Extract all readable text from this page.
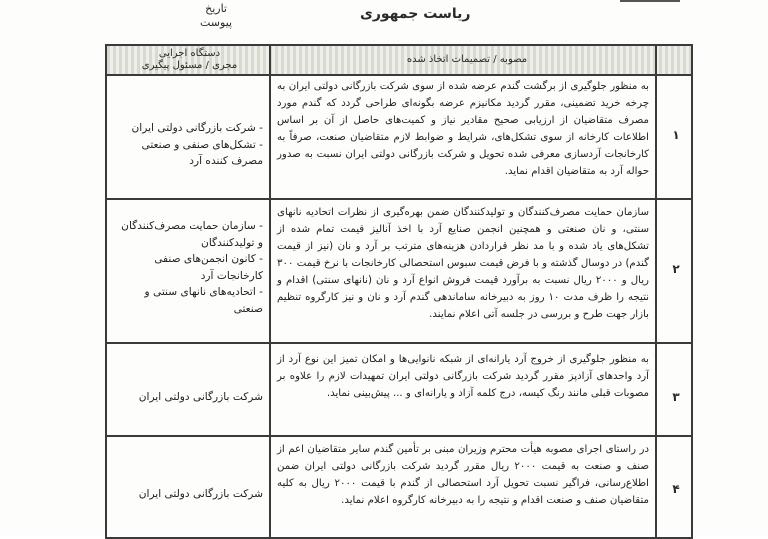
تاریخ
پیوست
ریاست جمهوری
دستگاه اجرایی
مجری / مسئول پیگیری
مصوبه / تصمیمات اتخاذ شده
به منظور جلوگیری از برگشت گندم عرضه شده از سوی شرکت بازرگانی دولتی ایران به چرخه خرید تضمینی، مقرر گردید مکانیزم عرضه بگونه‌ای طراحی گردد که گندم مورد مصرف متقاضیان از ارزیابی صحیح مقادیر نیاز و کمیت‌های حاصل از آن بر اساس اطلاعات کارخانه از سوی تشکل‌های، شرایط و ضوابط لازم متقاضیان صنعت، صرفاً به کارخانجات آرد‌سازی معرفی شده تحویل و شرکت بازرگانی دولتی ایران نسبت به صدور حواله آرد به متقاضیان اقدام نماید.
- شرکت بازرگانی دولتی ایران
- تشکل‌های صنفی و صنعتی مصرف کننده آرد
۱
سازمان حمایت مصرف‌کنندگان و تولیدکنندگان ضمن بهره‌گیری از نظرات اتحادیه نانهای سنتی، و نان صنعتی و همچنین انجمن صنایع آرد با اخذ آنالیز قیمت تمام شده از تشکل‌های یاد شده و با مد نظر قراردادن هزینه‌های مترتب بر آرد و نان (نیز از قیمت گندم) در دوسال گذشته و با فرض قیمت سبوس استحصالی کارخانجات با نرخ قیمت ۳۰۰ ریال و ۲۰۰۰ ریال نسبت به برآورد قیمت فروش انواع آرد و نان (نانهای سنتی) اقدام و نتیجه را ظرف مدت ۱۰ روز به دبیرخانه ساماندهی گندم آرد و نان و نیز کارگروه تنظیم بازار جهت طرح و بررسی در جلسه آتی اعلام نمایند.
- سازمان حمایت مصرف‌کنندگان و تولیدکنندگان
- کانون انجمن‌های صنفی کارخانجات آرد
- اتحادیه‌های نانهای سنتی و صنعتی
۲
به منظور جلوگیری از خروج آرد یارانه‌ای از شبکه نانوایی‌ها و امکان تمیز این نوع آرد از آرد واحدهای آزادپز مقرر گردید شرکت بازرگانی دولتی ایران تمهیدات لازم را علاوه بر مصوبات قبلی مانند رنگ کیسه، درج کلمه آزاد و یارانه‌ای و ... پیش‌بینی نماید.
شرکت بازرگانی دولتی ایران	۳
در راستای اجرای مصوبه هیأت محترم وزیران مبنی بر تأمین گندم سایر متقاضیان اعم از صنف و صنعت به قیمت ۲۰۰۰ ریال مقرر گردید شرکت بازرگانی دولتی ایران ضمن اطلاع‌رسانی، فراگیر نسبت تحویل آرد استحصالی از گندم با قیمت ۲۰۰۰ ریال به کلیه متقاضیان صنف و صنعت اقدام و نتیجه را به دبیرخانه کارگروه اعلام نماید.
شرکت بازرگانی دولتی ایران	۴
